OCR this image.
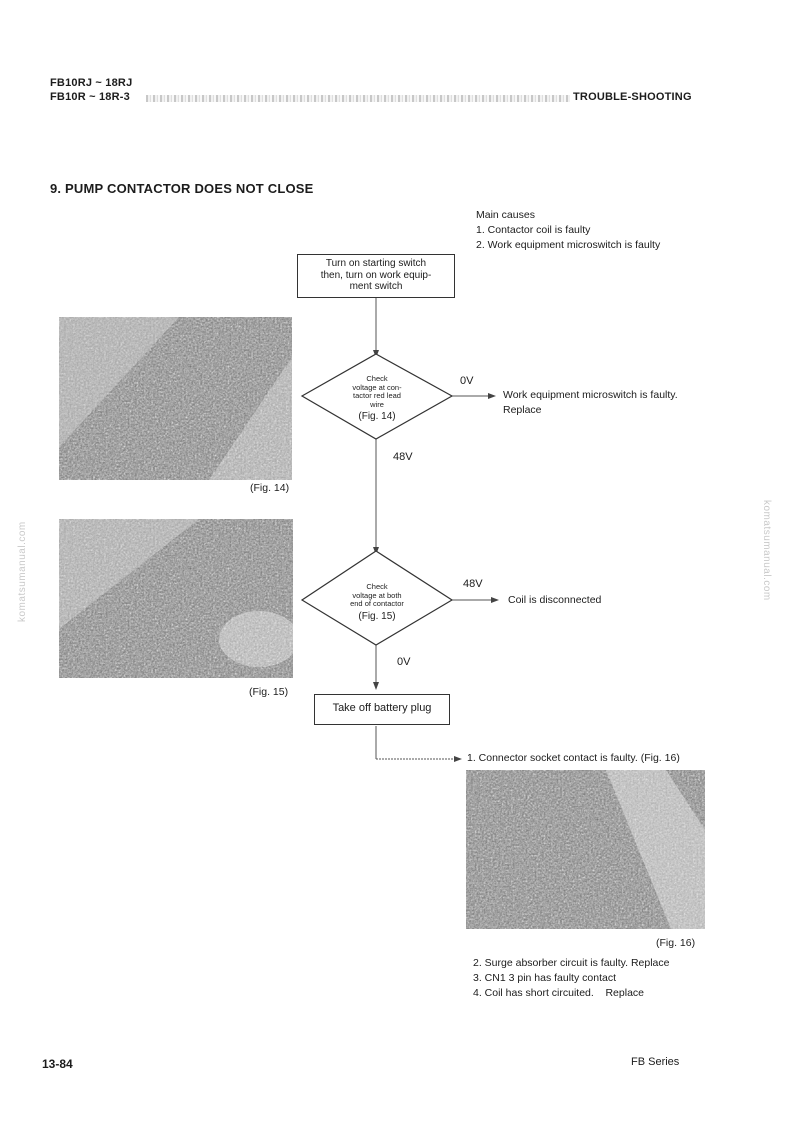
FB10RJ ~ 18RJ
FB10R ~ 18R-3	TROUBLE-SHOOTING
9. PUMP CONTACTOR DOES NOT CLOSE
Main causes
1. Contactor coil is faulty
2. Work equipment microswitch is faulty
Turn on starting switch
then, turn on work equip-
ment switch
Check
voltage at con-
tactor red lead
wire
(Fig. 14)
0V
48V
Work equipment microswitch is faulty.
Replace
Check
voltage at both
end of contactor
(Fig. 15)
48V
0V
Coil is disconnected
Take off battery plug
1. Connector socket contact is faulty. (Fig. 16)
(Fig. 14)
(Fig. 15)
(Fig. 16)
2. Surge absorber circuit is faulty. Replace
3. CN1 3 pin has faulty contact
4. Coil has short circuited.    Replace
komatsumanual.com	komatsumanual.com
13-84	FB Series
